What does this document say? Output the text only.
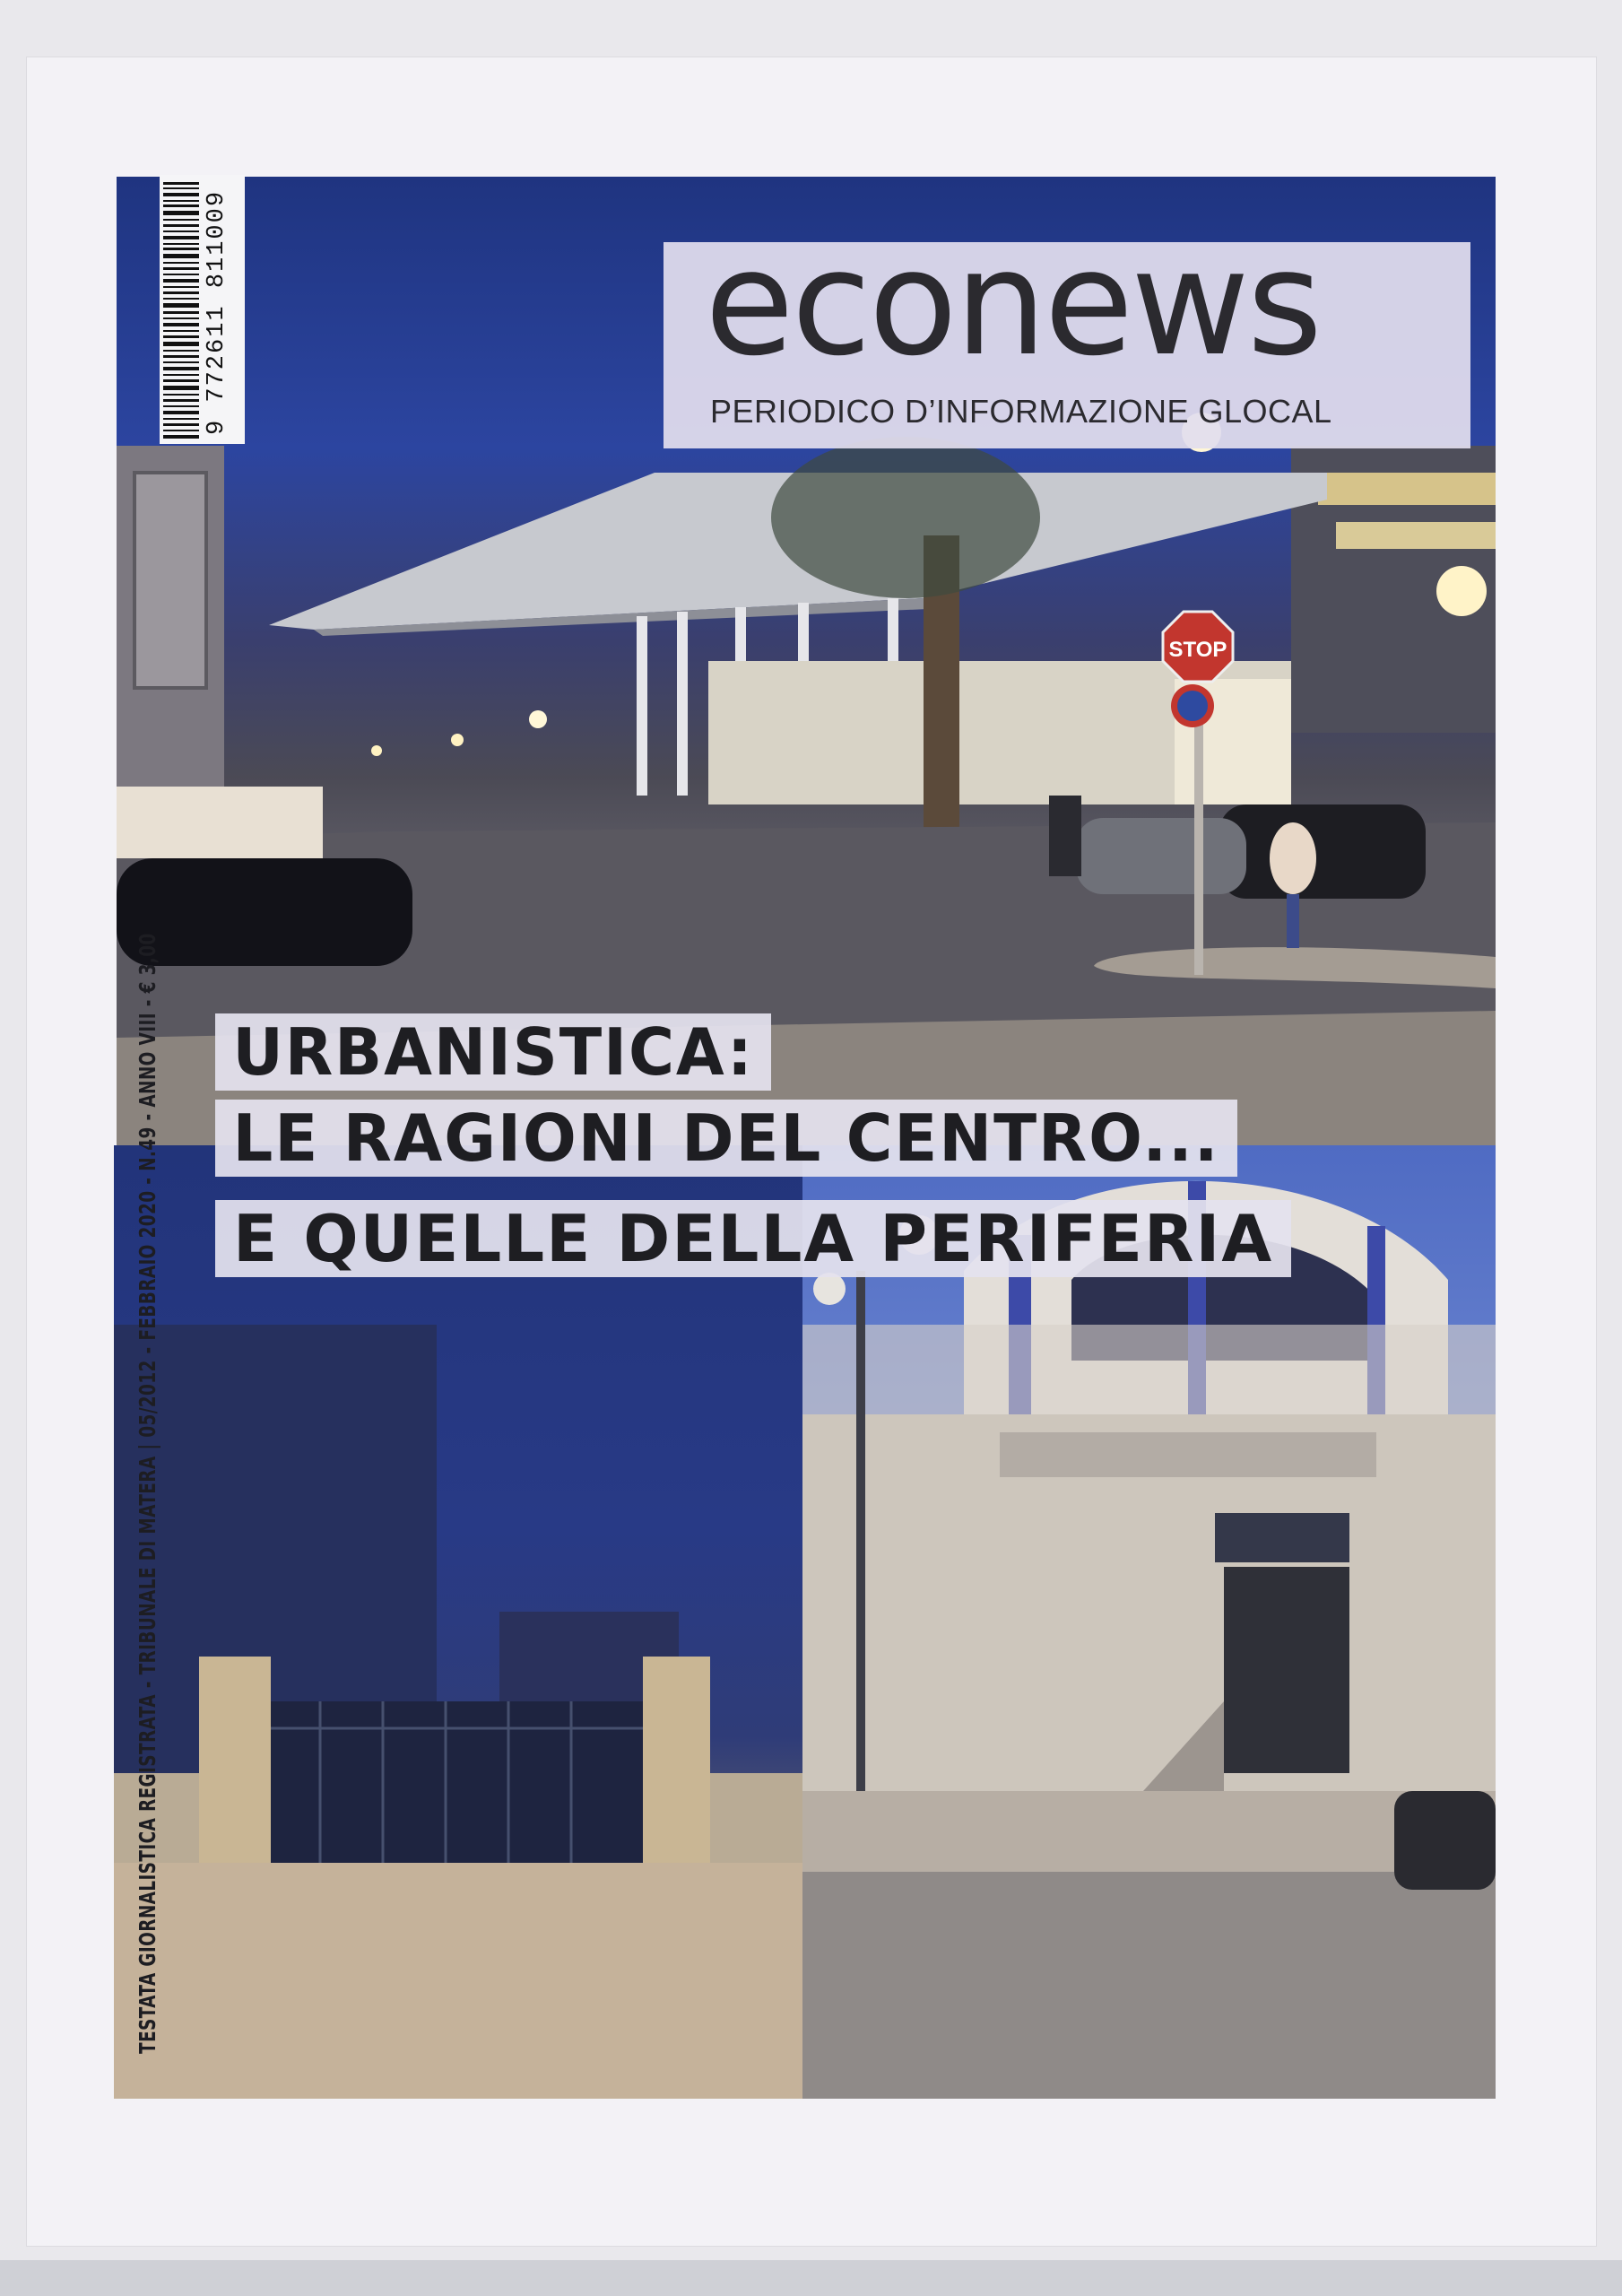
STOP
9 772611 811009	econews
PERIODICO D’INFORMAZIONE GLOCAL
URBANISTICA:
LE RAGIONI DEL CENTRO...
E QUELLE DELLA PERIFERIA
TESTATA GIORNALISTICA REGISTRATA - TRIBUNALE DI MATERA | 05/2012 - FEBBRAIO 2020 - N.49 - ANNO VIII - € 3,00
